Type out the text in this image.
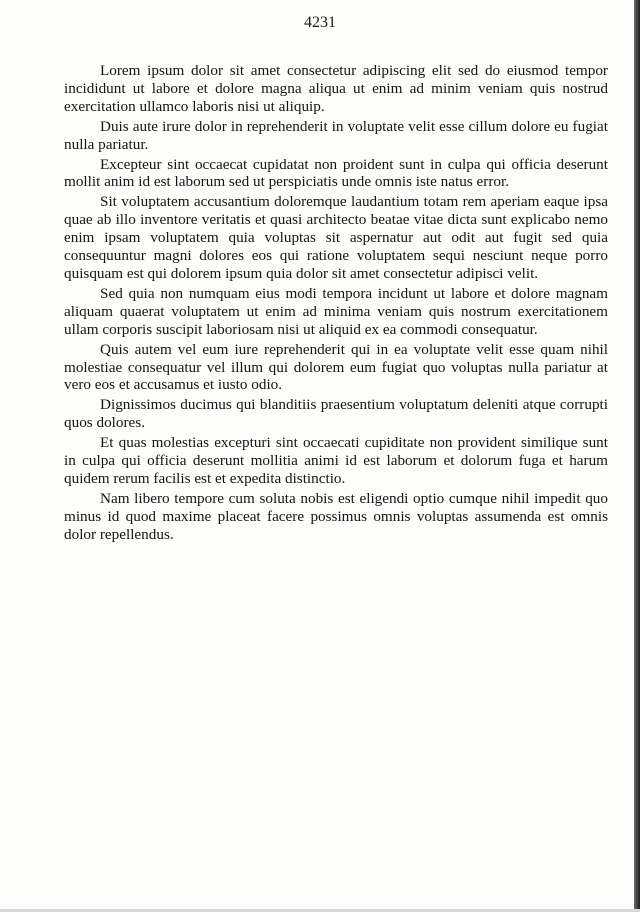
4231

Lorem ipsum dolor sit amet consectetur adipiscing elit sed do eiusmod tempor incididunt ut labore et dolore magna aliqua ut enim ad minim veniam quis nostrud exercitation ullamco laboris nisi ut aliquip.

Duis aute irure dolor in reprehenderit in voluptate velit esse cillum dolore eu fugiat nulla pariatur.

Excepteur sint occaecat cupidatat non proident sunt in culpa qui officia deserunt mollit anim id est laborum sed ut perspiciatis unde omnis iste natus error.

Sit voluptatem accusantium doloremque laudantium totam rem aperiam eaque ipsa quae ab illo inventore veritatis et quasi architecto beatae vitae dicta sunt explicabo nemo enim ipsam voluptatem quia voluptas sit aspernatur aut odit aut fugit sed quia consequuntur magni dolores eos qui ratione voluptatem sequi nesciunt neque porro quisquam est qui dolorem ipsum quia dolor sit amet consectetur adipisci velit.

Sed quia non numquam eius modi tempora incidunt ut labore et dolore magnam aliquam quaerat voluptatem ut enim ad minima veniam quis nostrum exercitationem ullam corporis suscipit laboriosam nisi ut aliquid ex ea commodi consequatur.

Quis autem vel eum iure reprehenderit qui in ea voluptate velit esse quam nihil molestiae consequatur vel illum qui dolorem eum fugiat quo voluptas nulla pariatur at vero eos et accusamus et iusto odio.

Dignissimos ducimus qui blanditiis praesentium voluptatum deleniti atque corrupti quos dolores.

Et quas molestias excepturi sint occaecati cupiditate non provident similique sunt in culpa qui officia deserunt mollitia animi id est laborum et dolorum fuga et harum quidem rerum facilis est et expedita distinctio.

Nam libero tempore cum soluta nobis est eligendi optio cumque nihil impedit quo minus id quod maxime placeat facere possimus omnis voluptas assumenda est omnis dolor repellendus.
